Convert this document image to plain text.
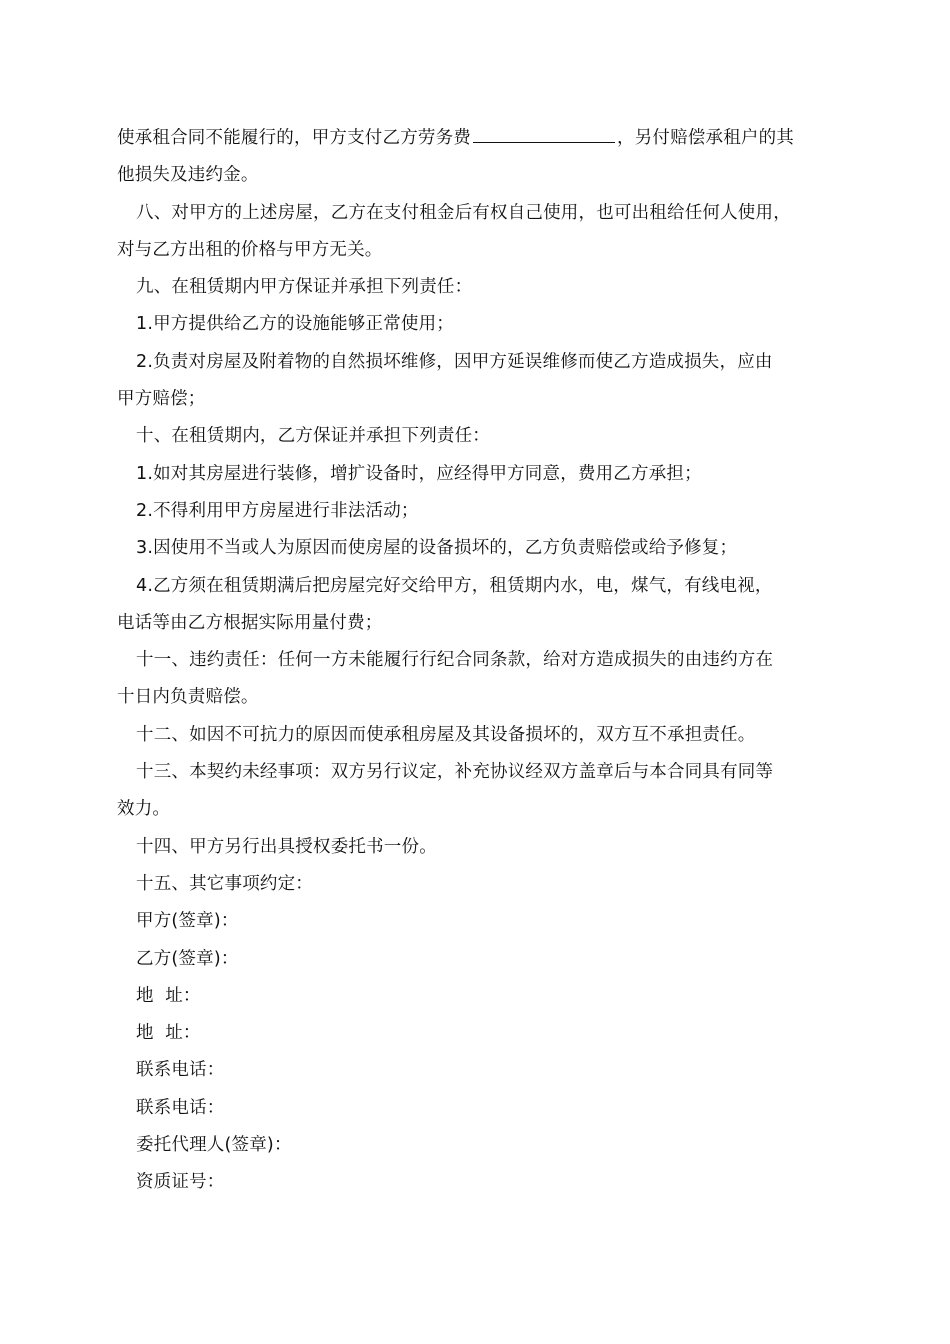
使承租合同不能履行的，甲方支付乙方劳务费	，另付赔偿承租户的其
他损失及违约金。

八、对甲方的上述房屋，乙方在支付租金后有权自己使用，也可出租给任何人使用，
对与乙方出租的价格与甲方无关。

九、在租赁期内甲方保证并承担下列责任：

1.甲方提供给乙方的设施能够正常使用；

2.负责对房屋及附着物的自然损坏维修，因甲方延误维修而使乙方造成损失，应由
甲方赔偿；

十、在租赁期内，乙方保证并承担下列责任：

1.如对其房屋进行装修，增扩设备时，应经得甲方同意，费用乙方承担；

2.不得利用甲方房屋进行非法活动；

3.因使用不当或人为原因而使房屋的设备损坏的，乙方负责赔偿或给予修复；

4.乙方须在租赁期满后把房屋完好交给甲方，租赁期内水，电，煤气，有线电视，
电话等由乙方根据实际用量付费；

十一、违约责任：任何一方未能履行行纪合同条款，给对方造成损失的由违约方在
十日内负责赔偿。

十二、如因不可抗力的原因而使承租房屋及其设备损坏的，双方互不承担责任。

十三、本契约未经事项：双方另行议定，补充协议经双方盖章后与本合同具有同等
效力。

十四、甲方另行出具授权委托书一份。

十五、其它事项约定：

甲方(签章)：

乙方(签章)：

地  址：

地  址：

联系电话：

联系电话：

委托代理人(签章)：

资质证号：
